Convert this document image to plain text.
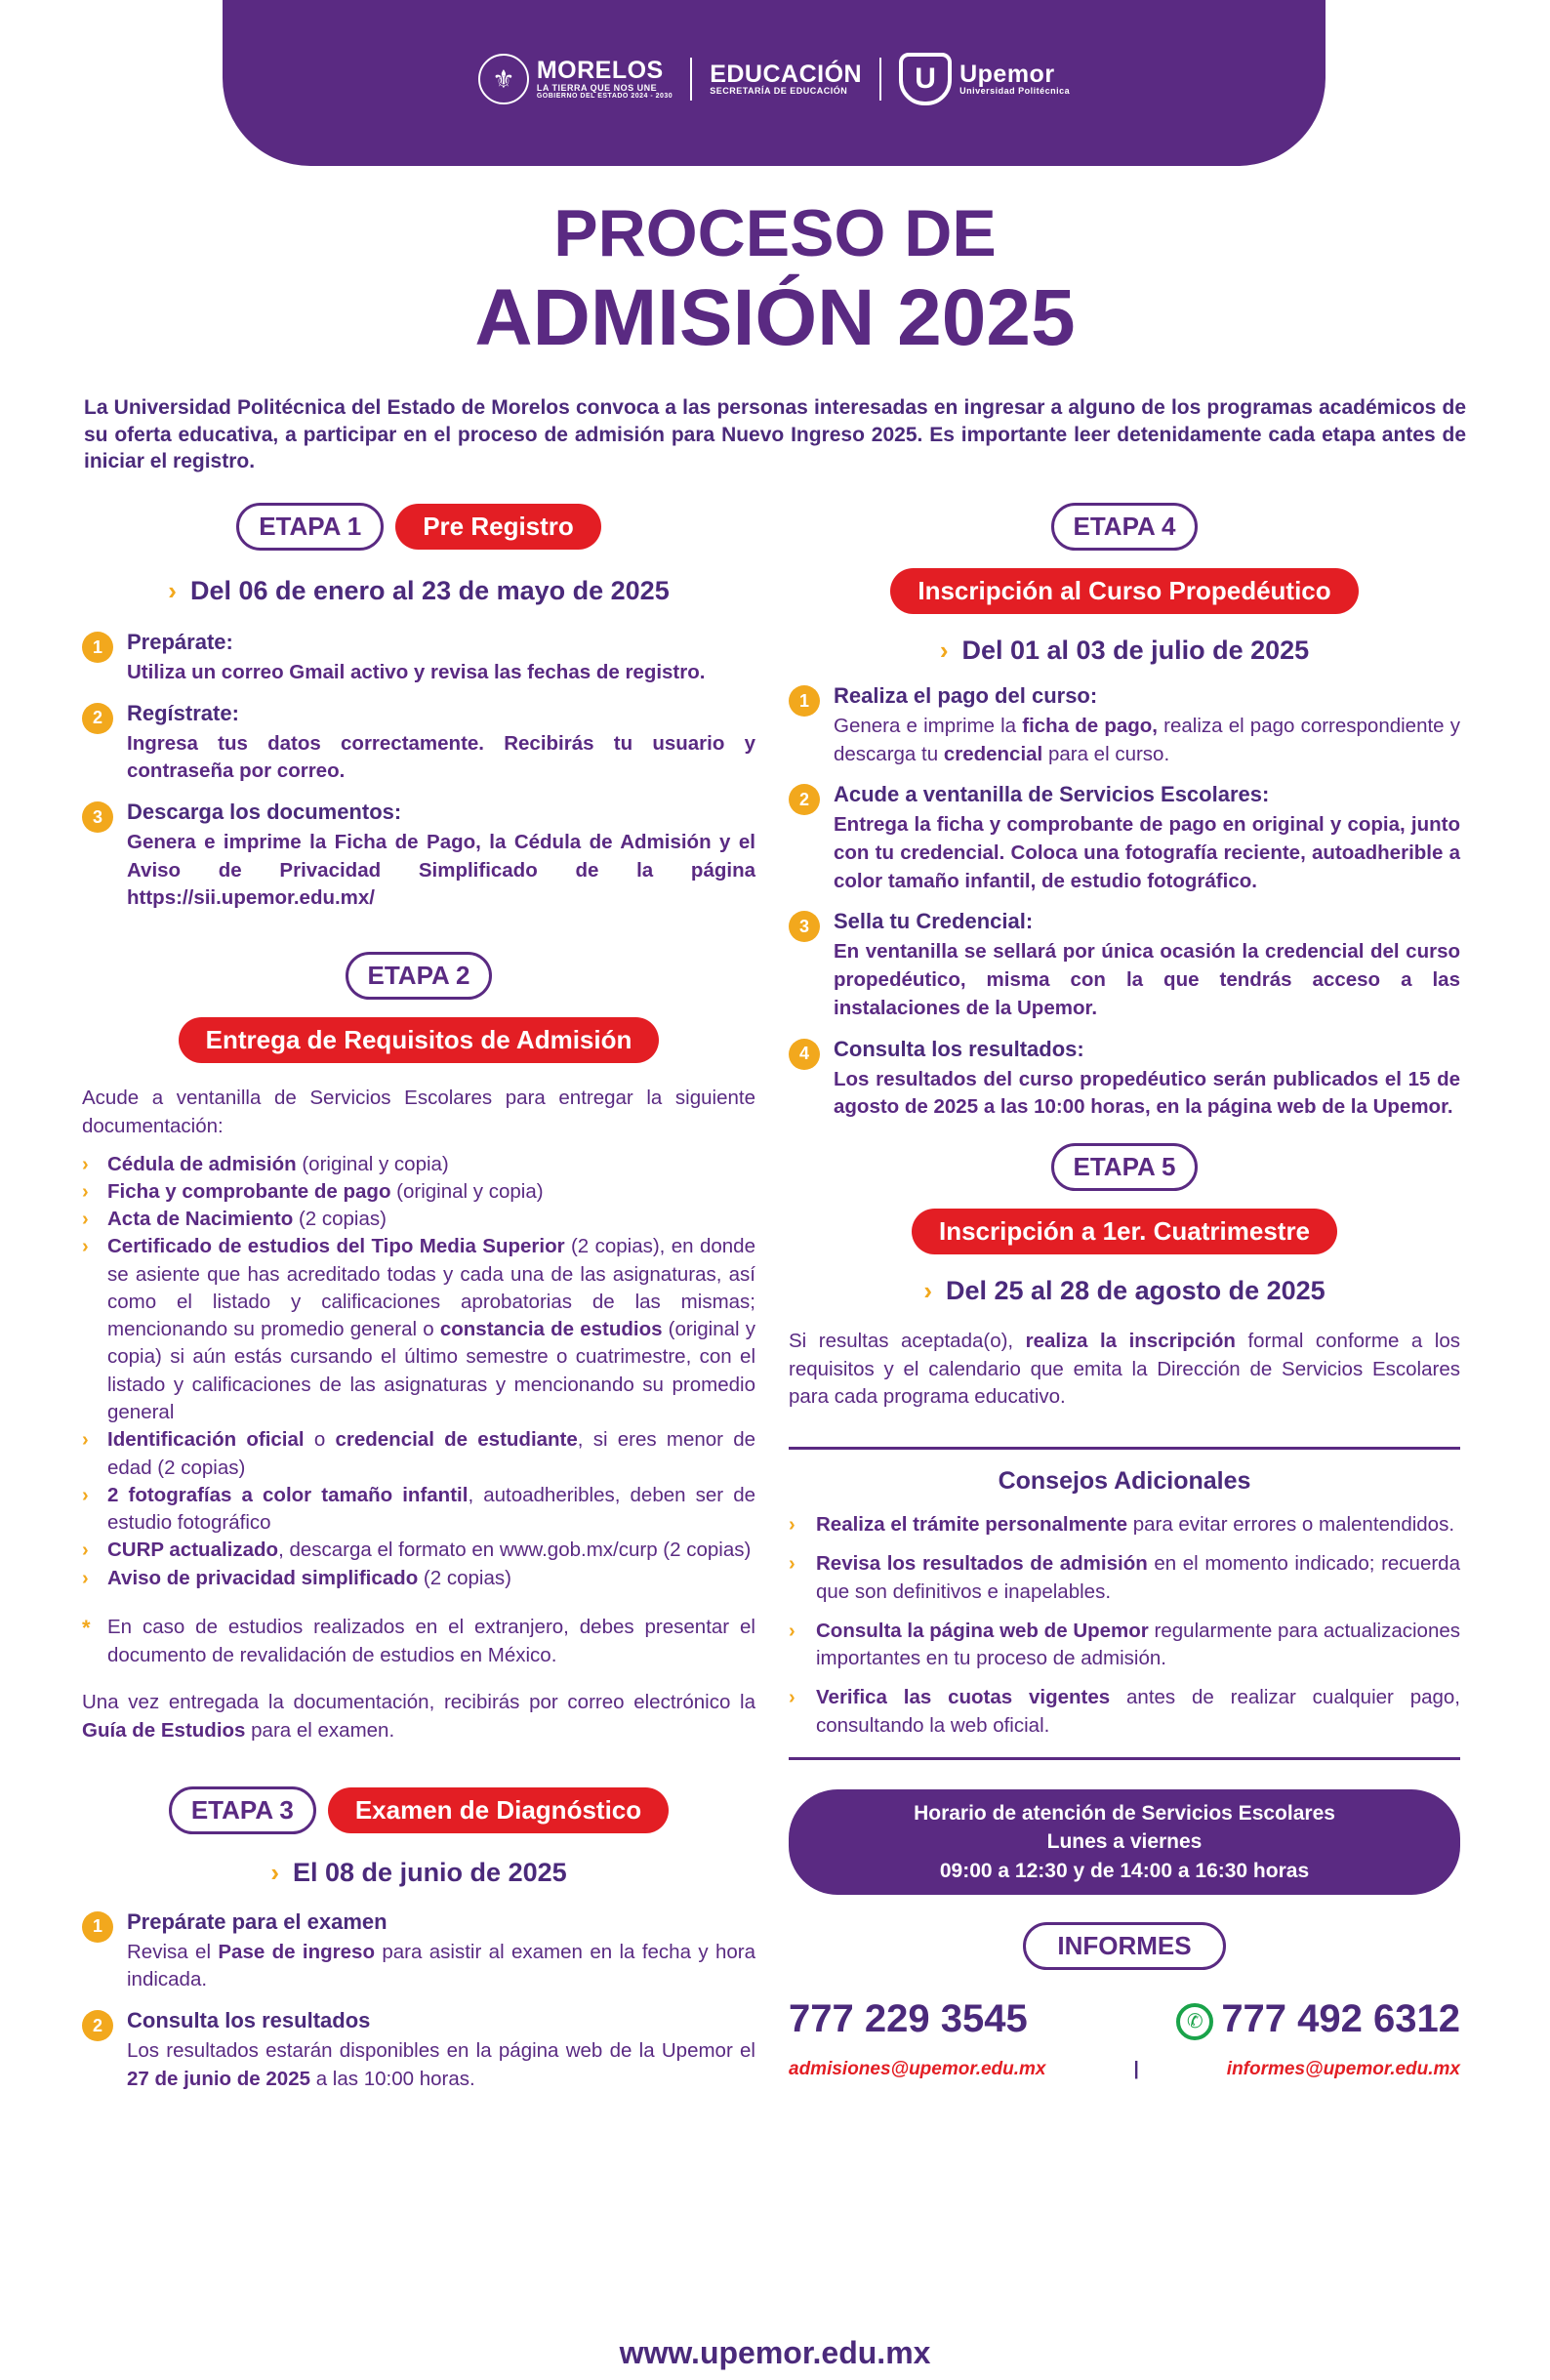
⚜ MORELOS
LA TIERRA QUE NOS UNE
GOBIERNO DEL ESTADO 2024 - 2030
EDUCACIÓN
SECRETARÍA DE EDUCACIÓN	U Upemor
Universidad Politécnica
PROCESO DE
ADMISIÓN 2025

La Universidad Politécnica del Estado de Morelos convoca a las personas interesadas en ingresar a alguno de los programas académicos de su oferta educativa, a participar en el proceso de admisión para Nuevo Ingreso 2025. Es importante leer detenidamente cada etapa antes de iniciar el registro.

ETAPA 1	Pre Registro
› Del 06 de enero al 23 de mayo de 2025
1	Prepárate:
Utiliza un correo Gmail activo y revisa las fechas de registro.
2	Regístrate:
Ingresa tus datos correctamente. Recibirás tu usuario y contraseña por correo.
3	Descarga los documentos:
Genera e imprime la Ficha de Pago, la Cédula de Admisión y el Aviso de Privacidad Simplificado de la página https://sii.upemor.edu.mx/
ETAPA 2
Entrega de Requisitos de Admisión

Acude a ventanilla de Servicios Escolares para entregar la siguiente documentación:

› Cédula de admisión (original y copia)
› Ficha y comprobante de pago (original y copia)
› Acta de Nacimiento (2 copias)
› Certificado de estudios del Tipo Media Superior (2 copias), en donde se asiente que has acreditado todas y cada una de las asignaturas, así como el listado y calificaciones aprobatorias de las mismas; mencionando su promedio general o constancia de estudios (original y copia) si aún estás cursando el último semestre o cuatrimestre, con el listado y calificaciones de las asignaturas y mencionando su promedio general
› Identificación oficial o credencial de estudiante, si eres menor de edad (2 copias)
› 2 fotografías a color tamaño infantil, autoadheribles, deben ser de estudio fotográfico
› CURP actualizado, descarga el formato en www.gob.mx/curp (2 copias)
› Aviso de privacidad simplificado (2 copias)
* En caso de estudios realizados en el extranjero, debes presentar el documento de revalidación de estudios en México.

Una vez entregada la documentación, recibirás por correo electrónico la Guía de Estudios para el examen.

ETAPA 3	Examen de Diagnóstico
› El 08 de junio de 2025
1	Prepárate para el examen
Revisa el Pase de ingreso para asistir al examen en la fecha y hora indicada.
2	Consulta los resultados
Los resultados estarán disponibles en la página web de la Upemor el 27 de junio de 2025 a las 10:00 horas.
ETAPA 4
Inscripción al Curso Propedéutico
› Del 01 al 03 de julio de 2025
1	Realiza el pago del curso:
Genera e imprime la ficha de pago, realiza el pago correspondiente y descarga tu credencial para el curso.
2	Acude a ventanilla de Servicios Escolares:
Entrega la ficha y comprobante de pago en original y copia, junto con tu credencial. Coloca una fotografía reciente, autoadherible a color tamaño infantil, de estudio fotográfico.
3	Sella tu Credencial:
En ventanilla se sellará por única ocasión la credencial del curso propedéutico, misma con la que tendrás acceso a las instalaciones de la Upemor.
4	Consulta los resultados:
Los resultados del curso propedéutico serán publicados el 15 de agosto de 2025 a las 10:00 horas, en la página web de la Upemor.
ETAPA 5
Inscripción a 1er. Cuatrimestre
› Del 25 al 28 de agosto de 2025

Si resultas aceptada(o), realiza la inscripción formal conforme a los requisitos y el calendario que emita la Dirección de Servicios Escolares para cada programa educativo.

Consejos Adicionales
›	Realiza el trámite personalmente para evitar errores o malentendidos.
›	Revisa los resultados de admisión en el momento indicado; recuerda que son definitivos e inapelables.
›	Consulta la página web de Upemor regularmente para actualizaciones importantes en tu proceso de admisión.
›	Verifica las cuotas vigentes antes de realizar cualquier pago, consultando la web oficial.
Horario de atención de Servicios Escolares
Lunes a viernes
09:00 a 12:30 y de 14:00 a 16:30 horas
INFORMES
777 229 3545	✆ 777 492 6312
admisiones@upemor.edu.mx	|	informes@upemor.edu.mx
www.upemor.edu.mx
